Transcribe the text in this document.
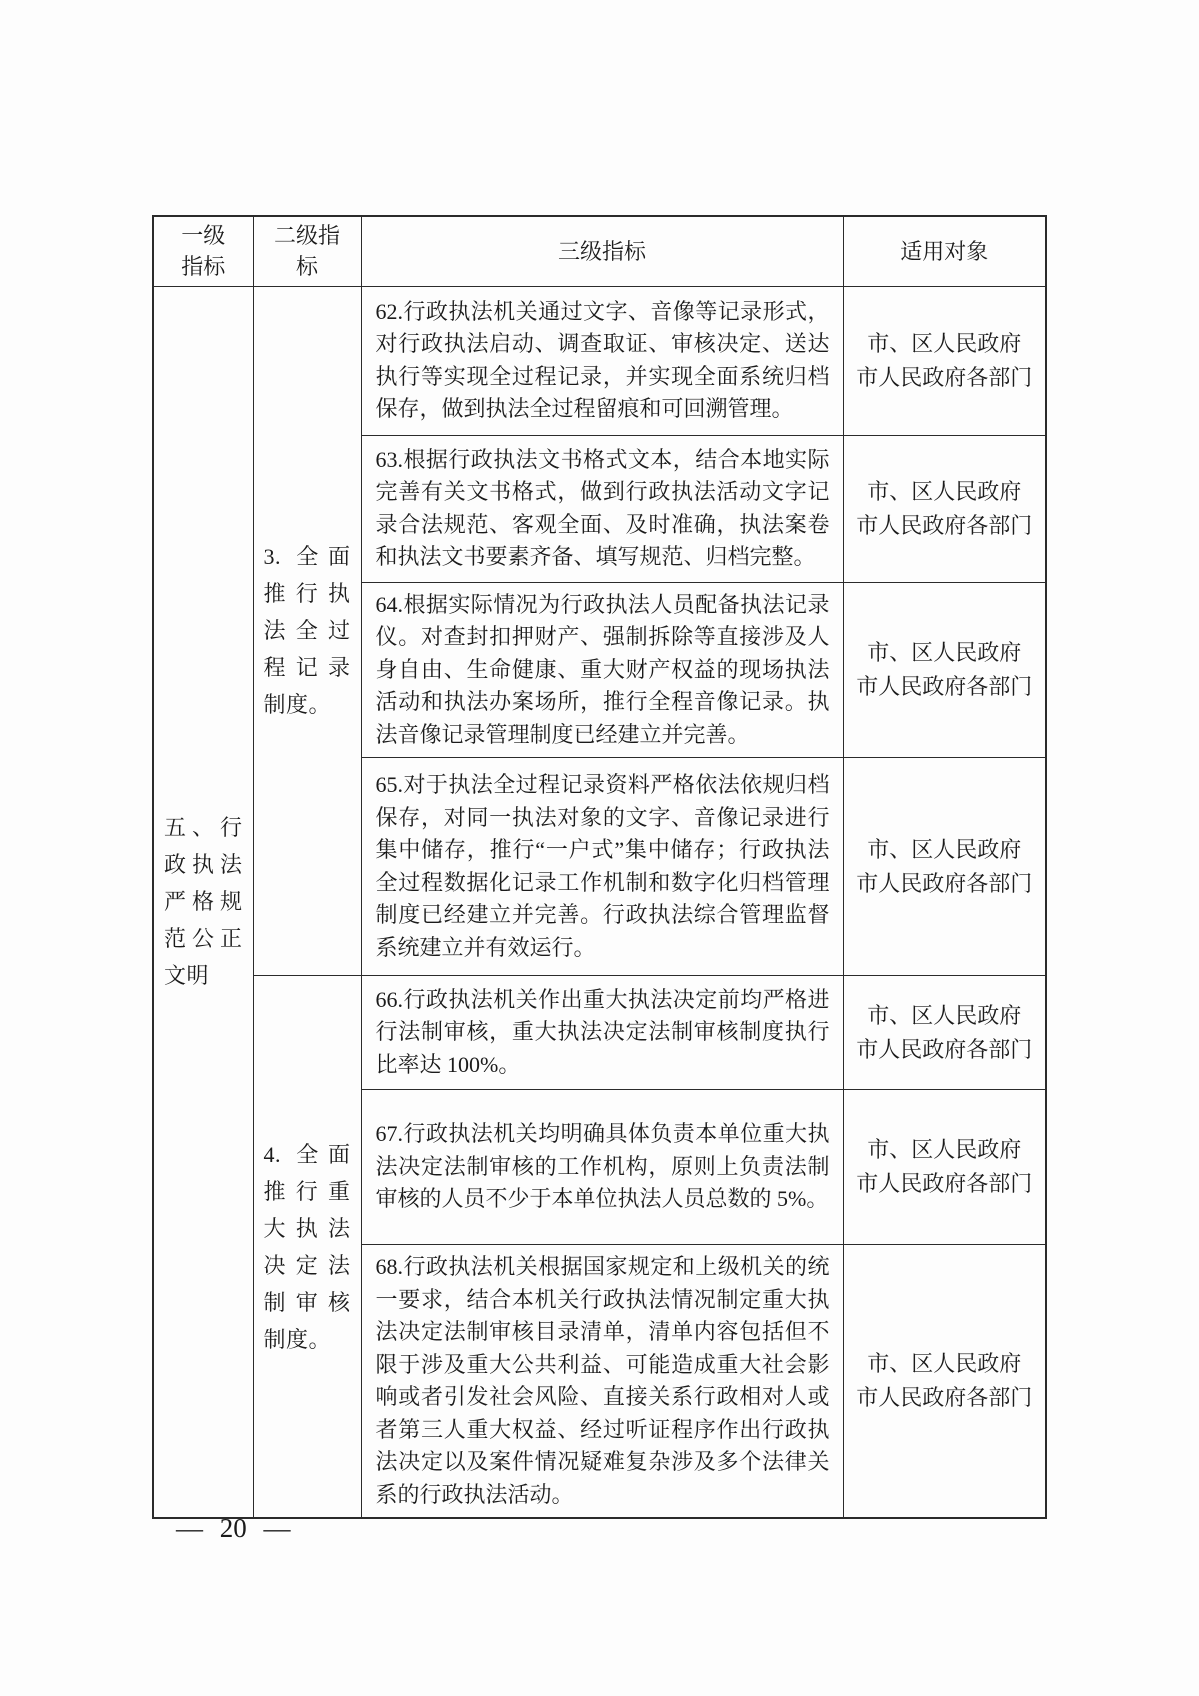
一级指标	二级指标	三级指标	适用对象
五、行政执法严格规范公正文明	3. 全面推行执法全过程记录制度。	62.行政执法机关通过文字、音像等记录形式，对行政执法启动、调查取证、审核决定、送达执行等实现全过程记录，并实现全面系统归档保存，做到执法全过程留痕和可回溯管理。	市、区人民政府
市人民政府各部门

		63.根据行政执法文书格式文本，结合本地实际完善有关文书格式，做到行政执法活动文字记录合法规范、客观全面、及时准确，执法案卷和执法文书要素齐备、填写规范、归档完整。	市、区人民政府
市人民政府各部门

		64.根据实际情况为行政执法人员配备执法记录仪。对查封扣押财产、强制拆除等直接涉及人身自由、生命健康、重大财产权益的现场执法活动和执法办案场所，推行全程音像记录。执法音像记录管理制度已经建立并完善。	市、区人民政府
市人民政府各部门

		65.对于执法全过程记录资料严格依法依规归档保存，对同一执法对象的文字、音像记录进行集中储存，推行“一户式”集中储存；行政执法全过程数据化记录工作机制和数字化归档管理制度已经建立并完善。行政执法综合管理监督系统建立并有效运行。	市、区人民政府
市人民政府各部门

	4. 全面推行重大执法决定法制审核制度。	66.行政执法机关作出重大执法决定前均严格进行法制审核，重大执法决定法制审核制度执行比率达 100%。	市、区人民政府
市人民政府各部门

		67.行政执法机关均明确具体负责本单位重大执法决定法制审核的工作机构，原则上负责法制审核的人员不少于本单位执法人员总数的 5%。	市、区人民政府
市人民政府各部门

		68.行政执法机关根据国家规定和上级机关的统一要求，结合本机关行政执法情况制定重大执法决定法制审核目录清单，清单内容包括但不限于涉及重大公共利益、可能造成重大社会影响或者引发社会风险、直接关系行政相对人或者第三人重大权益、经过听证程序作出行政执法决定以及案件情况疑难复杂涉及多个法律关系的行政执法活动。	市、区人民政府
市人民政府各部门
— 20 —
